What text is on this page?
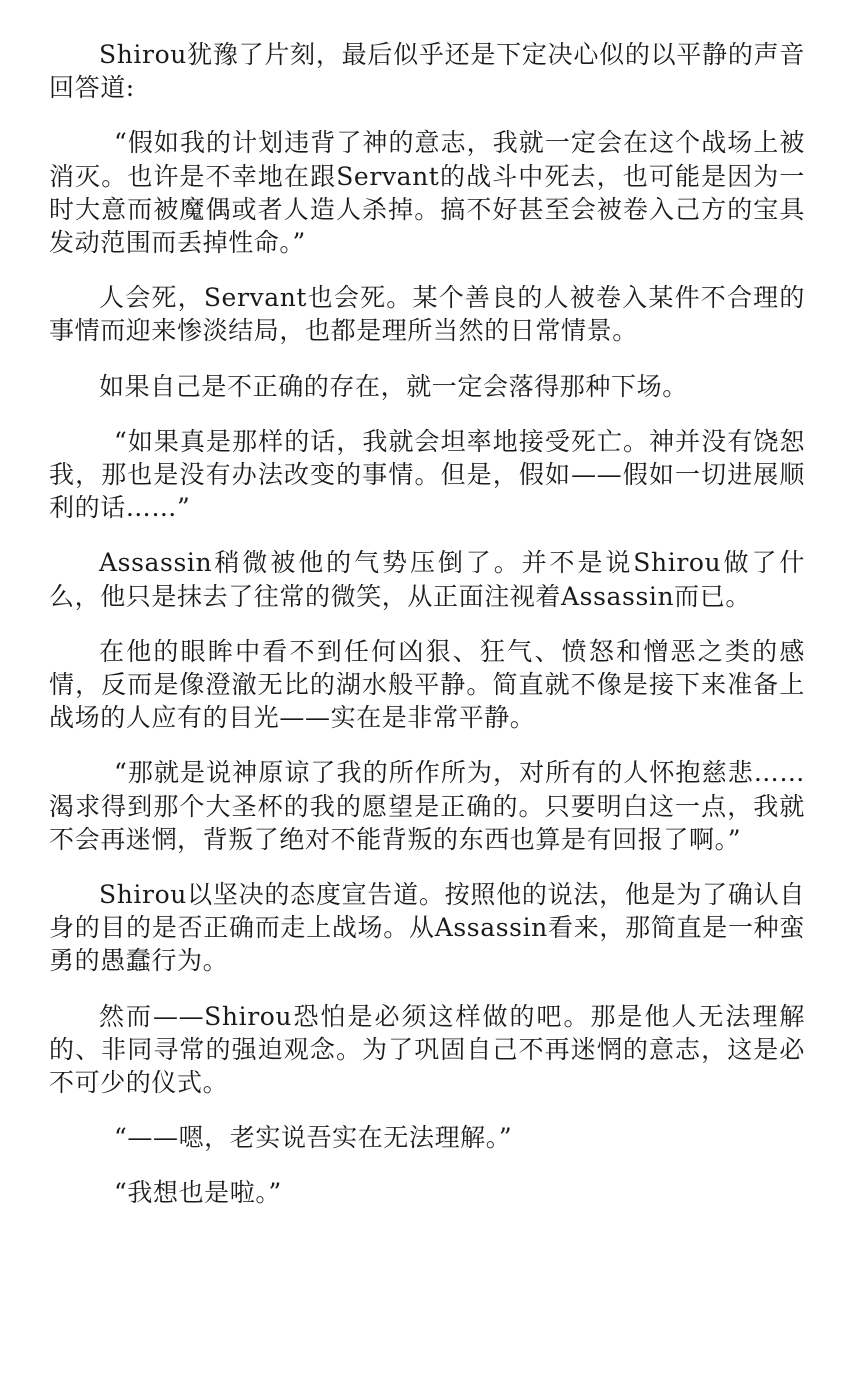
Shirou犹豫了片刻，最后似乎还是下定决心似的以平静的声音回答道:

“假如我的计划违背了神的意志，我就一定会在这个战场上被消灭。也许是不幸地在跟Servant的战斗中死去，也可能是因为一时大意而被魔偶或者人造人杀掉。搞不好甚至会被卷入己方的宝具发动范围而丢掉性命。”

人会死，Servant也会死。某个善良的人被卷入某件不合理的事情而迎来惨淡结局，也都是理所当然的日常情景。

如果自己是不正确的存在，就一定会落得那种下场。

“如果真是那样的话，我就会坦率地接受死亡。神并没有饶恕我，那也是没有办法改变的事情。但是，假如——假如一切进展顺利的话……”

Assassin稍微被他的气势压倒了。并不是说Shirou做了什么，他只是抹去了往常的微笑，从正面注视着Assassin而已。

在他的眼眸中看不到任何凶狠、狂气、愤怒和憎恶之类的感情，反而是像澄澈无比的湖水般平静。简直就不像是接下来准备上战场的人应有的目光——实在是非常平静。

“那就是说神原谅了我的所作所为，对所有的人怀抱慈悲……渴求得到那个大圣杯的我的愿望是正确的。只要明白这一点，我就不会再迷惘，背叛了绝对不能背叛的东西也算是有回报了啊。”

Shirou以坚决的态度宣告道。按照他的说法，他是为了确认自身的目的是否正确而走上战场。从Assassin看来，那简直是一种蛮勇的愚蠢行为。

然而——Shirou恐怕是必须这样做的吧。那是他人无法理解的、非同寻常的强迫观念。为了巩固自己不再迷惘的意志，这是必不可少的仪式。

“——嗯，老实说吾实在无法理解。”

“我想也是啦。”
